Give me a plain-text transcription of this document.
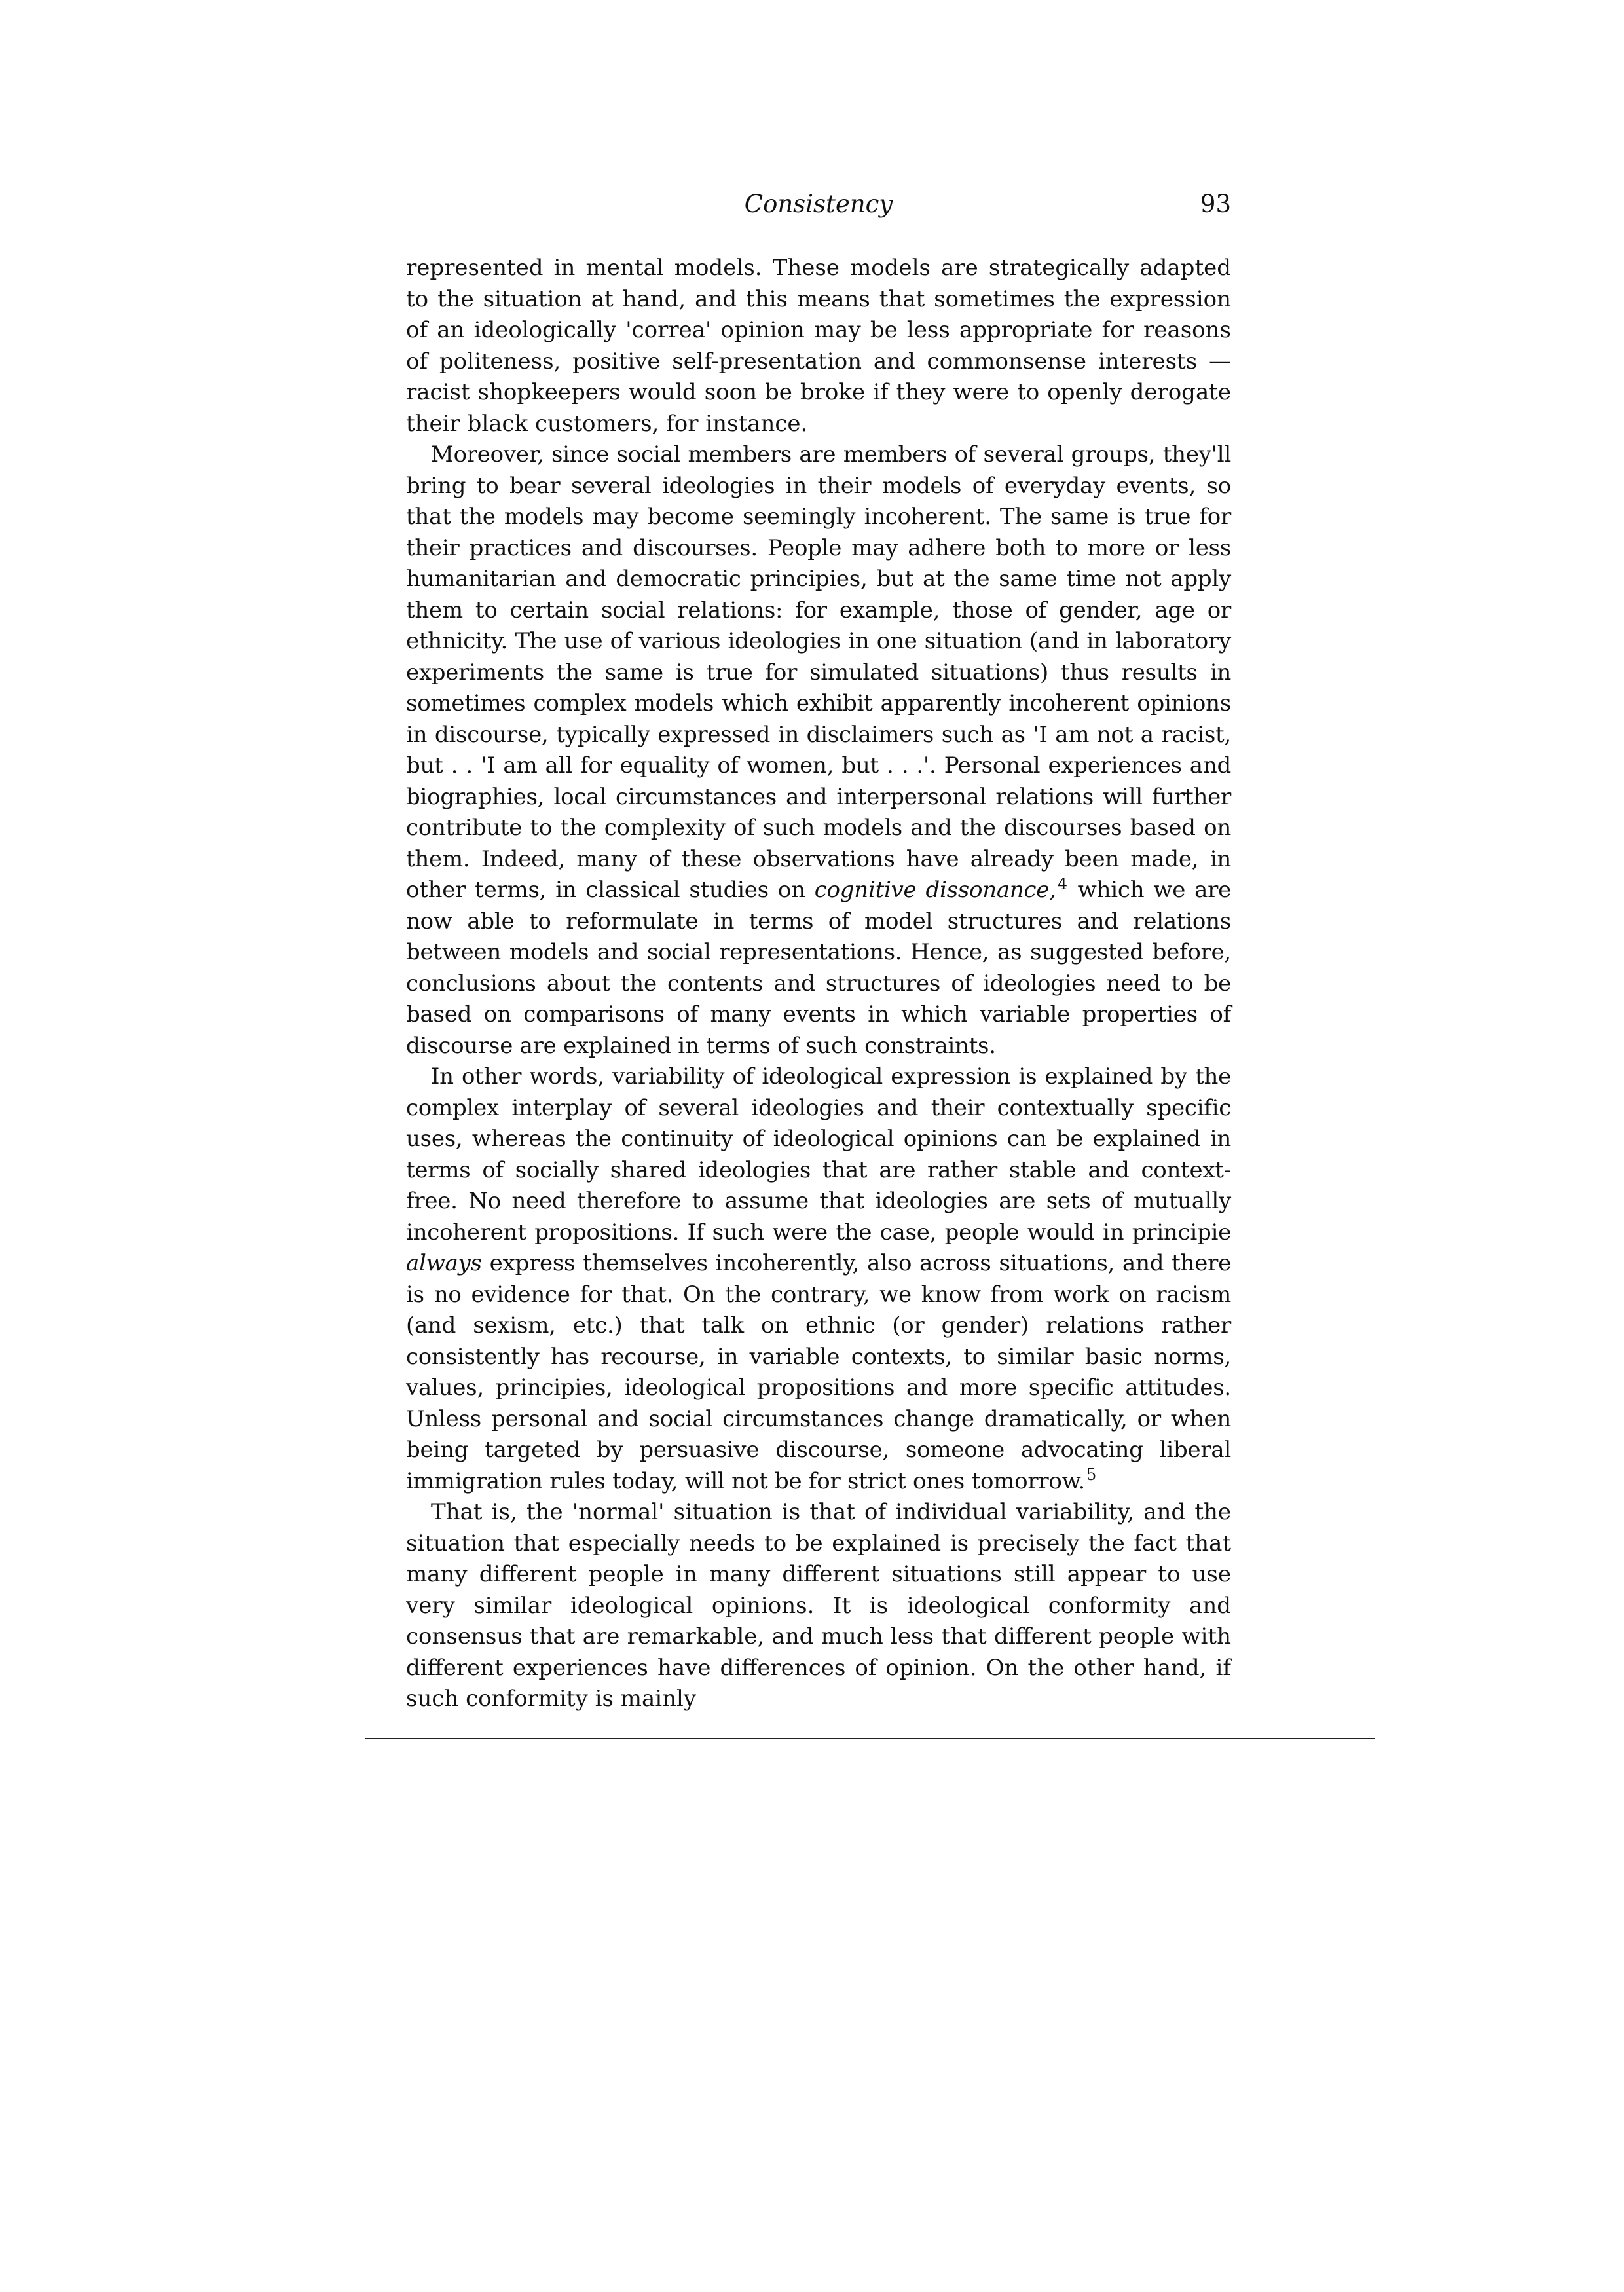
Consistency	93

represented in mental models. These models are strategically adapted to the situation at hand, and this means that sometimes the expression of an ideologically 'correa' opinion may be less appropriate for reasons of politeness, positive self-presentation and commonsense interests — racist shopkeepers would soon be broke if they were to openly derogate their black customers, for instance.

Moreover, since social members are members of several groups, they'll bring to bear several ideologies in their models of everyday events, so that the models may become seemingly incoherent. The same is true for their practices and discourses. People may adhere both to more or less humanitarian and democratic principies, but at the same time not apply them to certain social relations: for example, those of gender, age or ethnicity. The use of various ideologies in one situation (and in laboratory experiments the same is true for simulated situations) thus results in sometimes complex models which exhibit apparently incoherent opinions in discourse, typically expressed in disclaimers such as 'I am not a racist, but . . 'I am all for equality of women, but . . .'. Personal experiences and biographies, local circumstances and interpersonal relations will further contribute to the complexity of such models and the discourses based on them. Indeed, many of these observations have already been made, in other terms, in classical studies on cognitive dissonance,$^4$ which we are now able to reformulate in terms of model structures and relations between models and social representations. Hence, as suggested before, conclusions about the contents and structures of ideologies need to be based on comparisons of many events in which variable properties of discourse are explained in terms of such constraints.

In other words, variability of ideological expression is explained by the complex interplay of several ideologies and their contextually specific uses, whereas the continuity of ideological opinions can be explained in terms of socially shared ideologies that are rather stable and context-free. No need therefore to assume that ideologies are sets of mutually incoherent propositions. If such were the case, people would in principie always express themselves incoherently, also across situations, and there is no evidence for that. On the contrary, we know from work on racism (and sexism, etc.) that talk on ethnic (or gender) relations rather consistently has recourse, in variable contexts, to similar basic norms, values, principies, ideological propositions and more specific attitudes. Unless personal and social circumstances change dramatically, or when being targeted by persuasive discourse, someone advocating liberal immigration rules today, will not be for strict ones tomorrow.$^5$

That is, the 'normal' situation is that of individual variability, and the situation that especially needs to be explained is precisely the fact that many different people in many different situations still appear to use very similar ideological opinions. It is ideological conformity and consensus that are remarkable, and much less that different people with different experiences have differences of opinion. On the other hand, if such conformity is mainly
